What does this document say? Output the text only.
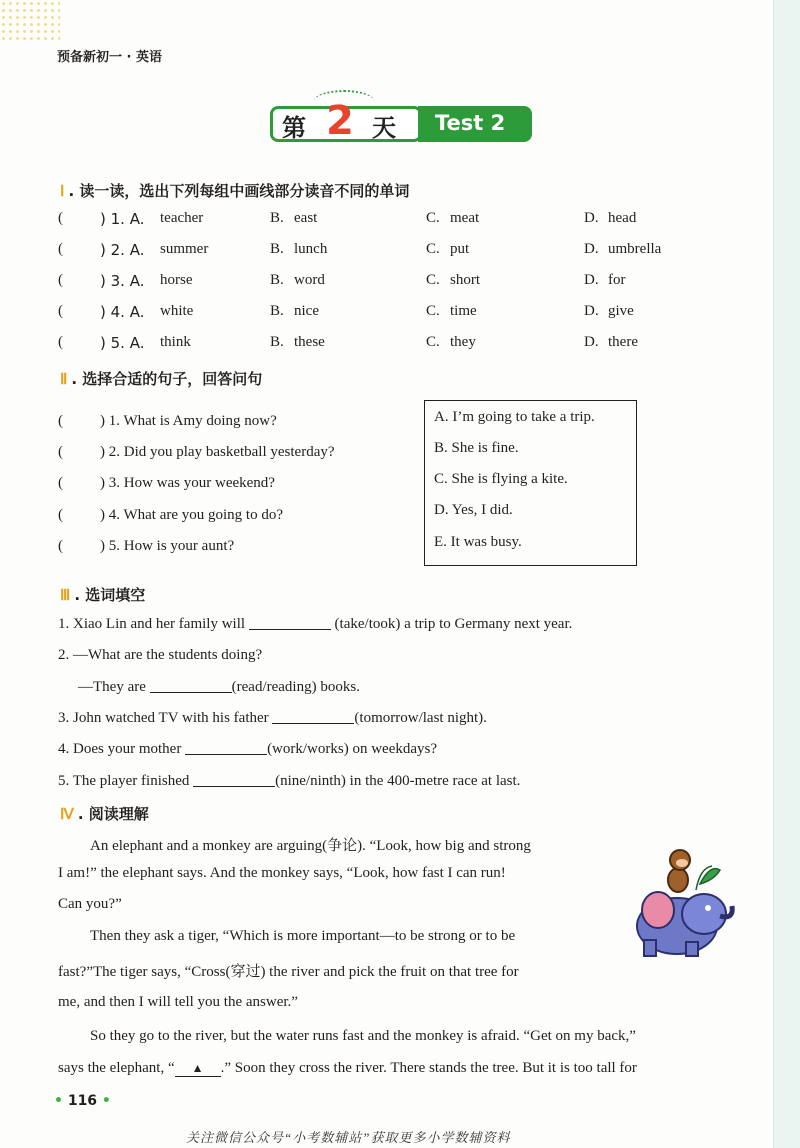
预备新初一 · 英语
第 2 天 Test 2
Ⅰ . 读一读，选出下列每组中画线部分读音不同的单词
( ) 1. A. teacher	B. east	C. meat	D. head
( ) 2. A. summer	B. lunch	C. put	D. umbrella
( ) 3. A. horse	B. word	C. short	D. for
( ) 4. A. white	B. nice	C. time	D. give
( ) 5. A. think	B. these	C. they	D. there
Ⅱ . 选择合适的句子，回答问句
( ) 1. What is Amy doing now?
( ) 2. Did you play basketball yesterday?
( ) 3. How was your weekend?
( ) 4. What are you going to do?
( ) 5. How is your aunt?
A. I’m going to take a trip.
B. She is fine.
C. She is flying a kite.
D. Yes, I did.
E. It was busy.
Ⅲ . 选词填空
1. Xiao Lin and her family will	(take/took) a trip to Germany next year.
2. —What are the students doing?
—They are	(read/reading) books.
3. John watched TV with his father	(tomorrow/last night).
4. Does your mother	(work/works) on weekdays?
5. The player finished	(nine/ninth) in the 400-metre race at last.
Ⅳ . 阅读理解
An elephant and a monkey are arguing(争论). “Look, how big and strong
I am!” the elephant says. And the monkey says, “Look, how fast I can run!
Can you?”
Then they ask a tiger, “Which is more important—to be strong or to be
fast?”The tiger says, “Cross(穿过) the river and pick the fruit on that tree for
me, and then I will tell you the answer.”
So they go to the river, but the water runs fast and the monkey is afraid. “Get on my back,”
says the elephant, “ ▲ .” Soon they cross the river. There stands the tree. But it is too tall for
• 116 •
关注微信公众号“小考数辅站”获取更多小学数辅资料
